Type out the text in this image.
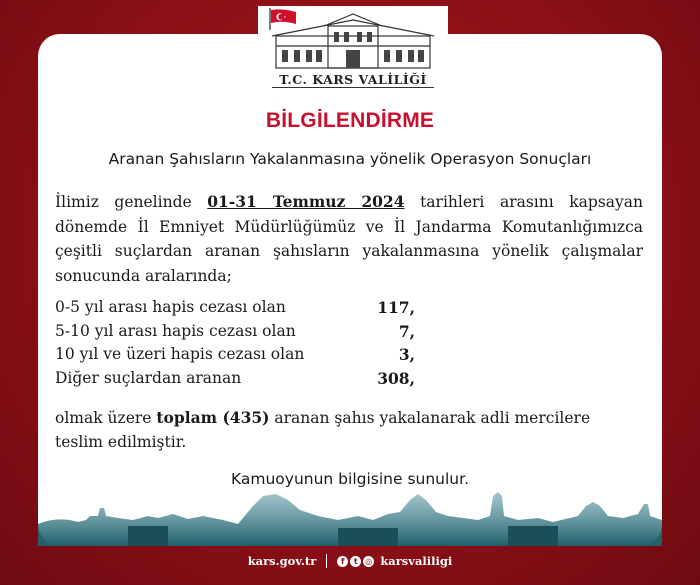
T.C. KARS VALİLİĞİ
BİLGİLENDİRME
Aranan Şahısların Yakalanmasına yönelik Operasyon Sonuçları
İlimiz genelinde 01-31 Temmuz 2024 tarihleri arasını kapsayan dönemde İl Emniyet Müdürlüğümüz ve İl Jandarma Komutanlığımızca çeşitli suçlardan aranan şahısların yakalanmasına yönelik çalışmalar sonucunda aralarında;
0-5 yıl arası hapis cezası olan	117,
5-10 yıl arası hapis cezası olan	7,
10 yıl ve üzeri hapis cezası olan	3,
Diğer suçlardan aranan	308,
olmak üzere toplam (435) aranan şahıs yakalanarak adli mercilere teslim edilmiştir.
Kamuoyunun bilgisine sunulur.
kars.gov.tr	f t ◎ karsvaliligi
